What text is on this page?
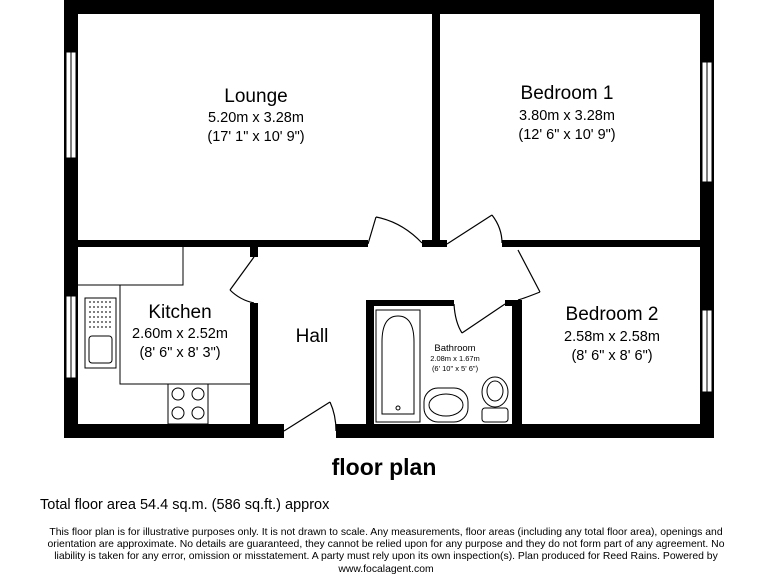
Lounge
5.20m x 3.28m
(17' 1" x 10' 9")
Bedroom 1
3.80m x 3.28m
(12' 6" x 10' 9")
Kitchen
2.60m x 2.52m
(8' 6" x 8' 3")
Hall
Bathroom
2.08m x 1.67m
(6' 10" x 5' 6")
Bedroom 2
2.58m x 2.58m
(8' 6" x 8' 6")
floor plan
Total floor area 54.4 sq.m. (586 sq.ft.) approx
This floor plan is for illustrative purposes only. It is not drawn to scale. Any measurements, floor areas (including any total floor area), openings and orientation are approximate. No details are guaranteed, they cannot be relied upon for any purpose and they do not form part of any agreement. No liability is taken for any error, omission or misstatement. A party must rely upon its own inspection(s). Plan produced for Reed Rains. Powered by www.focalagent.com
